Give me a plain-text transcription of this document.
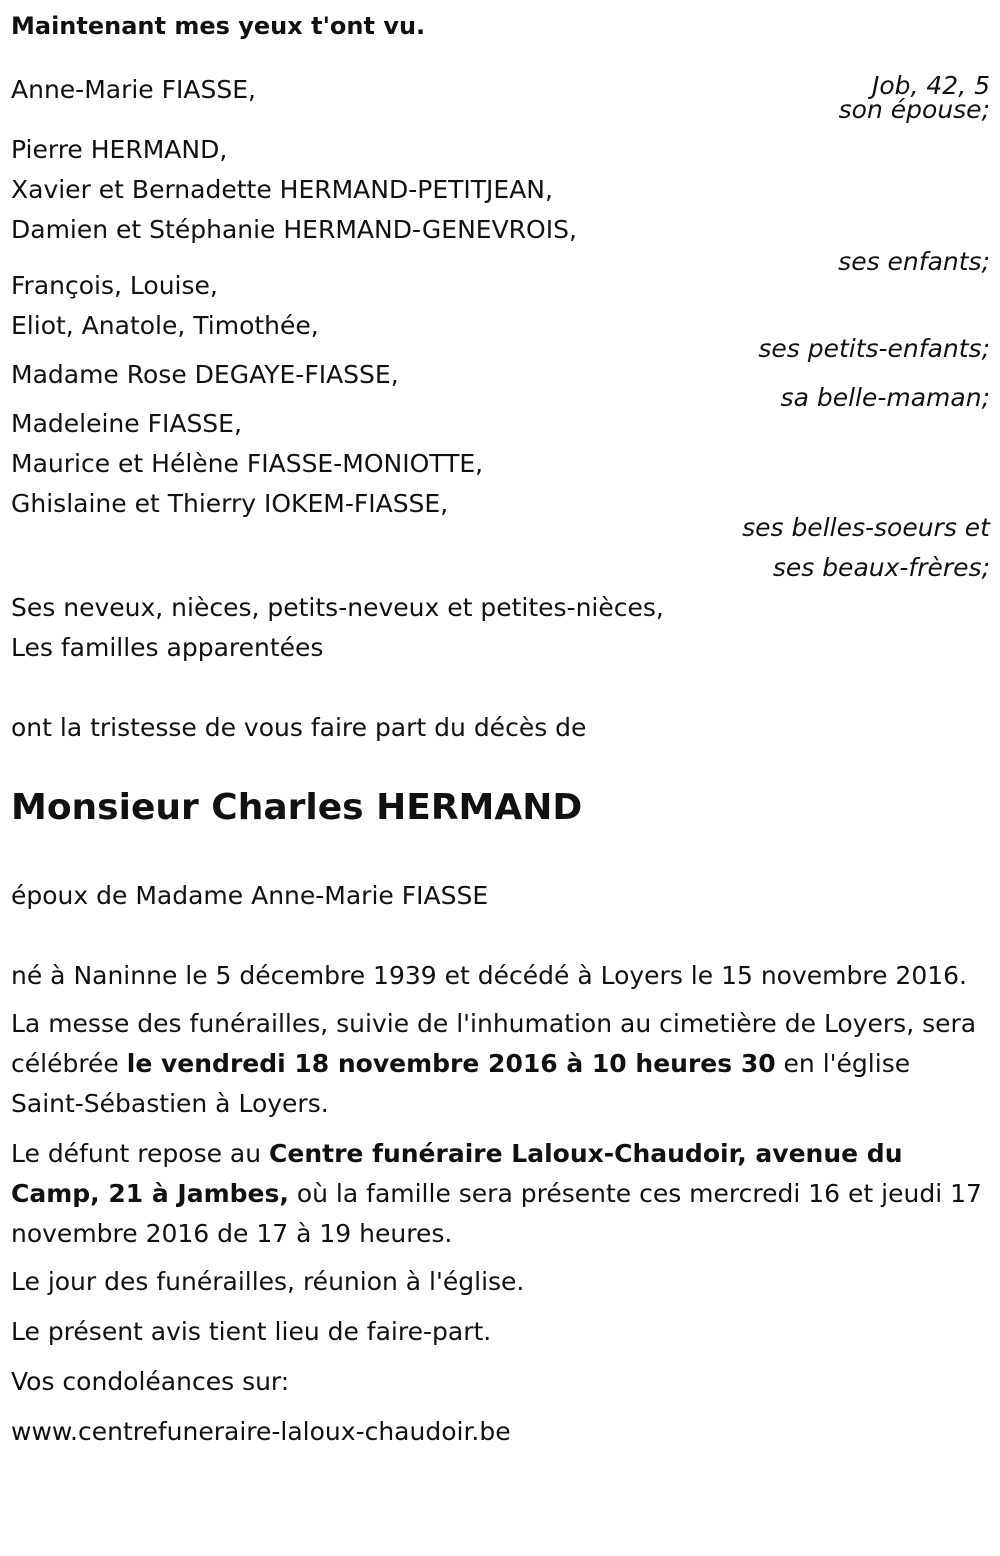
Maintenant mes yeux t'ont vu.
Job, 42, 5
Anne-Marie FIASSE,
son épouse;
Pierre HERMAND,
Xavier et Bernadette HERMAND-PETITJEAN,
Damien et Stéphanie HERMAND-GENEVROIS,
ses enfants;
François, Louise,
Eliot, Anatole, Timothée,
ses petits-enfants;
Madame Rose DEGAYE-FIASSE,
sa belle-maman;
Madeleine FIASSE,
Maurice et Hélène FIASSE-MONIOTTE,
Ghislaine et Thierry IOKEM-FIASSE,
ses belles-soeurs et
ses beaux-frères;
Ses neveux, nièces, petits-neveux et petites-nièces,
Les familles apparentées

ont la tristesse de vous faire part du décès de

Monsieur Charles HERMAND

époux de Madame Anne-Marie FIASSE

né à Naninne le 5 décembre 1939 et décédé à Loyers le 15 novembre 2016.

La messe des funérailles, suivie de l'inhumation au cimetière de Loyers, sera célébrée le vendredi 18 novembre 2016 à 10 heures 30 en l'église Saint-Sébastien à Loyers.

Le défunt repose au Centre funéraire Laloux-Chaudoir, avenue du Camp, 21 à Jambes, où la famille sera présente ces mercredi 16 et jeudi 17 novembre 2016 de 17 à 19 heures.

Le jour des funérailles, réunion à l'église.

Le présent avis tient lieu de faire-part.

Vos condoléances sur:

www.centrefuneraire-laloux-chaudoir.be
